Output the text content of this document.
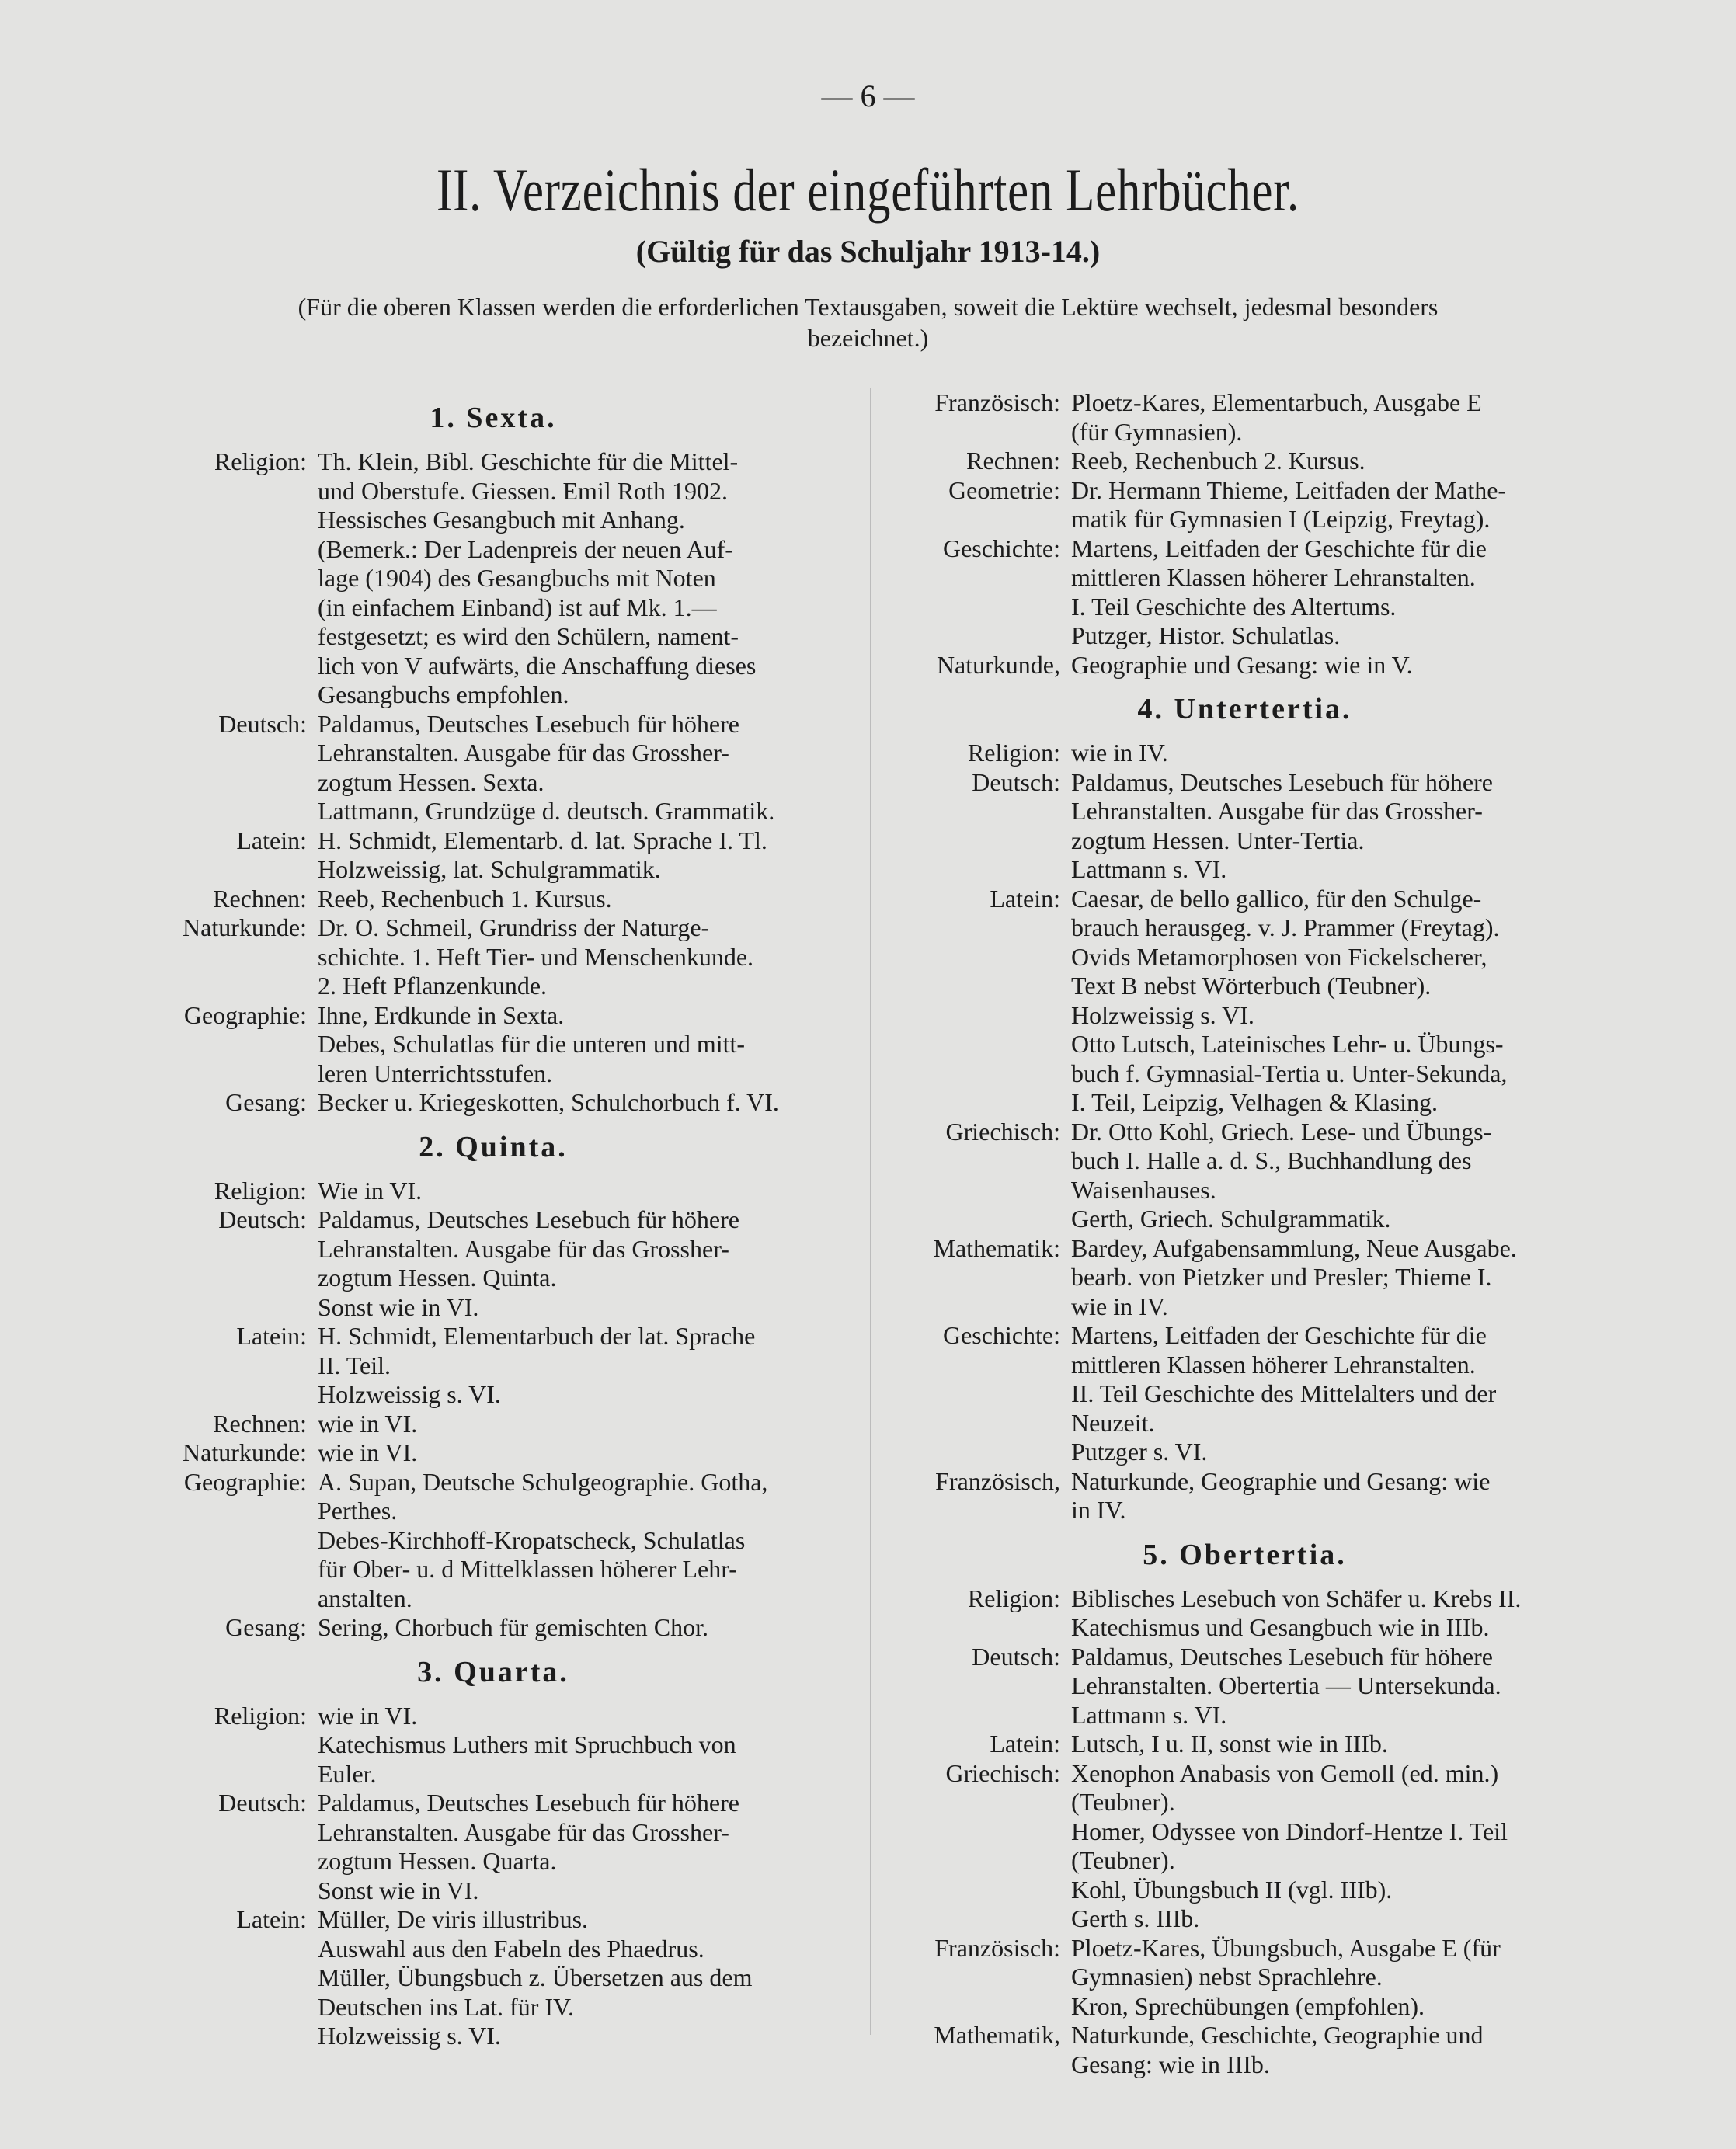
— 6 —
II. Verzeichnis der eingeführten Lehrbücher.
(Gültig für das Schuljahr 1913-14.)
(Für die oberen Klassen werden die erforderlichen Textausgaben, soweit die Lektüre wechselt, jedesmal besonders
bezeichnet.)
1. Sexta.
Religion: Th. Klein, Bibl. Geschichte für die Mittel-
und Oberstufe. Giessen. Emil Roth 1902.
Hessisches Gesangbuch mit Anhang.
(Bemerk.: Der Ladenpreis der neuen Auf-
lage (1904) des Gesangbuchs mit Noten
(in einfachem Einband) ist auf Mk. 1.—
festgesetzt; es wird den Schülern, nament-
lich von V aufwärts, die Anschaffung dieses
Gesangbuchs empfohlen.
Deutsch: Paldamus, Deutsches Lesebuch für höhere
Lehranstalten. Ausgabe für das Grossher-
zogtum Hessen. Sexta.
Lattmann, Grundzüge d. deutsch. Grammatik.
Latein: H. Schmidt, Elementarb. d. lat. Sprache I. Tl.
Holzweissig, lat. Schulgrammatik.
Rechnen: Reeb, Rechenbuch 1. Kursus.
Naturkunde: Dr. O. Schmeil, Grundriss der Naturge-
schichte. 1. Heft Tier- und Menschenkunde.
2. Heft Pflanzenkunde.
Geographie: Ihne, Erdkunde in Sexta.
Debes, Schulatlas für die unteren und mitt-
leren Unterrichtsstufen.
Gesang: Becker u. Kriegeskotten, Schulchorbuch f. VI.
2. Quinta.
Religion: Wie in VI.
Deutsch: Paldamus, Deutsches Lesebuch für höhere
Lehranstalten. Ausgabe für das Grossher-
zogtum Hessen. Quinta.
Sonst wie in VI.
Latein: H. Schmidt, Elementarbuch der lat. Sprache
II. Teil.
Holzweissig s. VI.
Rechnen: wie in VI.
Naturkunde: wie in VI.
Geographie: A. Supan, Deutsche Schulgeographie. Gotha,
Perthes.
Debes-Kirchhoff-Kropatscheck, Schulatlas
für Ober- u. d Mittelklassen höherer Lehr-
anstalten.
Gesang: Sering, Chorbuch für gemischten Chor.
3. Quarta.
Religion: wie in VI.
Katechismus Luthers mit Spruchbuch von
Euler.
Deutsch: Paldamus, Deutsches Lesebuch für höhere
Lehranstalten. Ausgabe für das Grossher-
zogtum Hessen. Quarta.
Sonst wie in VI.
Latein: Müller, De viris illustribus.
Auswahl aus den Fabeln des Phaedrus.
Müller, Übungsbuch z. Übersetzen aus dem
Deutschen ins Lat. für IV.
Holzweissig s. VI.
Französisch: Ploetz-Kares, Elementarbuch, Ausgabe E
(für Gymnasien).
Rechnen: Reeb, Rechenbuch 2. Kursus.
Geometrie: Dr. Hermann Thieme, Leitfaden der Mathe-
matik für Gymnasien I (Leipzig, Freytag).
Geschichte: Martens, Leitfaden der Geschichte für die
mittleren Klassen höherer Lehranstalten.
I. Teil Geschichte des Altertums.
Putzger, Histor. Schulatlas.
Naturkunde, Geographie und Gesang: wie in V.
4. Untertertia.
Religion: wie in IV.
Deutsch: Paldamus, Deutsches Lesebuch für höhere
Lehranstalten. Ausgabe für das Grossher-
zogtum Hessen. Unter-Tertia.
Lattmann s. VI.
Latein: Caesar, de bello gallico, für den Schulge-
brauch herausgeg. v. J. Prammer (Freytag).
Ovids Metamorphosen von Fickelscherer,
Text B nebst Wörterbuch (Teubner).
Holzweissig s. VI.
Otto Lutsch, Lateinisches Lehr- u. Übungs-
buch f. Gymnasial-Tertia u. Unter-Sekunda,
I. Teil, Leipzig, Velhagen & Klasing.
Griechisch: Dr. Otto Kohl, Griech. Lese- und Übungs-
buch I. Halle a. d. S., Buchhandlung des
Waisenhauses.
Gerth, Griech. Schulgrammatik.
Mathematik: Bardey, Aufgabensammlung, Neue Ausgabe.
bearb. von Pietzker und Presler; Thieme I.
wie in IV.
Geschichte: Martens, Leitfaden der Geschichte für die
mittleren Klassen höherer Lehranstalten.
II. Teil Geschichte des Mittelalters und der
Neuzeit.
Putzger s. VI.
Französisch, Naturkunde, Geographie und Gesang: wie
in IV.
5. Obertertia.
Religion: Biblisches Lesebuch von Schäfer u. Krebs II.
Katechismus und Gesangbuch wie in IIIb.
Deutsch: Paldamus, Deutsches Lesebuch für höhere
Lehranstalten. Obertertia — Untersekunda.
Lattmann s. VI.
Latein: Lutsch, I u. II, sonst wie in IIIb.
Griechisch: Xenophon Anabasis von Gemoll (ed. min.)
(Teubner).
Homer, Odyssee von Dindorf-Hentze I. Teil
(Teubner).
Kohl, Übungsbuch II (vgl. IIIb).
Gerth s. IIIb.
Französisch: Ploetz-Kares, Übungsbuch, Ausgabe E (für
Gymnasien) nebst Sprachlehre.
Kron, Sprechübungen (empfohlen).
Mathematik, Naturkunde, Geschichte, Geographie und
Gesang: wie in IIIb.
